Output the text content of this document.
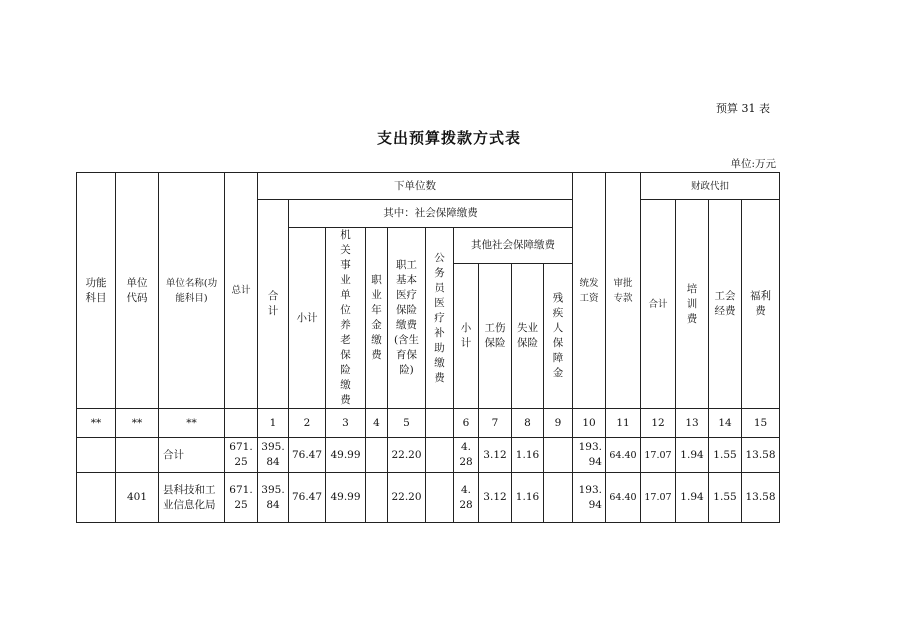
预算 31 表
支出预算拨款方式表
单位:万元
功能科目	单位代码	单位名称(功能科目)	总计	下单位数										统发工资	审批专款	财政代扣			
				合计	其中：社会保障缴费											合计	培训费	工会经费	福利费
					小计	机关事业单位养老保险缴费	职业年金缴费	职工基本医疗保险缴费(含生育保险)	公务员医疗补助缴费	其他社会保障缴费									
										小计	工伤保险	失业保险	残疾人保障金						
**	**	**		1	2	3	4	5		6	7	8	9	10	11	12	13	14	15
		合计	671.25	395.84	76.47	49.99		22.20		4.28	3.12	1.16		193.94	64.40	17.07	1.94	1.55	13.58
	401	县科技和工业信息化局	671.25	395.84	76.47	49.99		22.20		4.28	3.12	1.16		193.94	64.40	17.07	1.94	1.55	13.58
